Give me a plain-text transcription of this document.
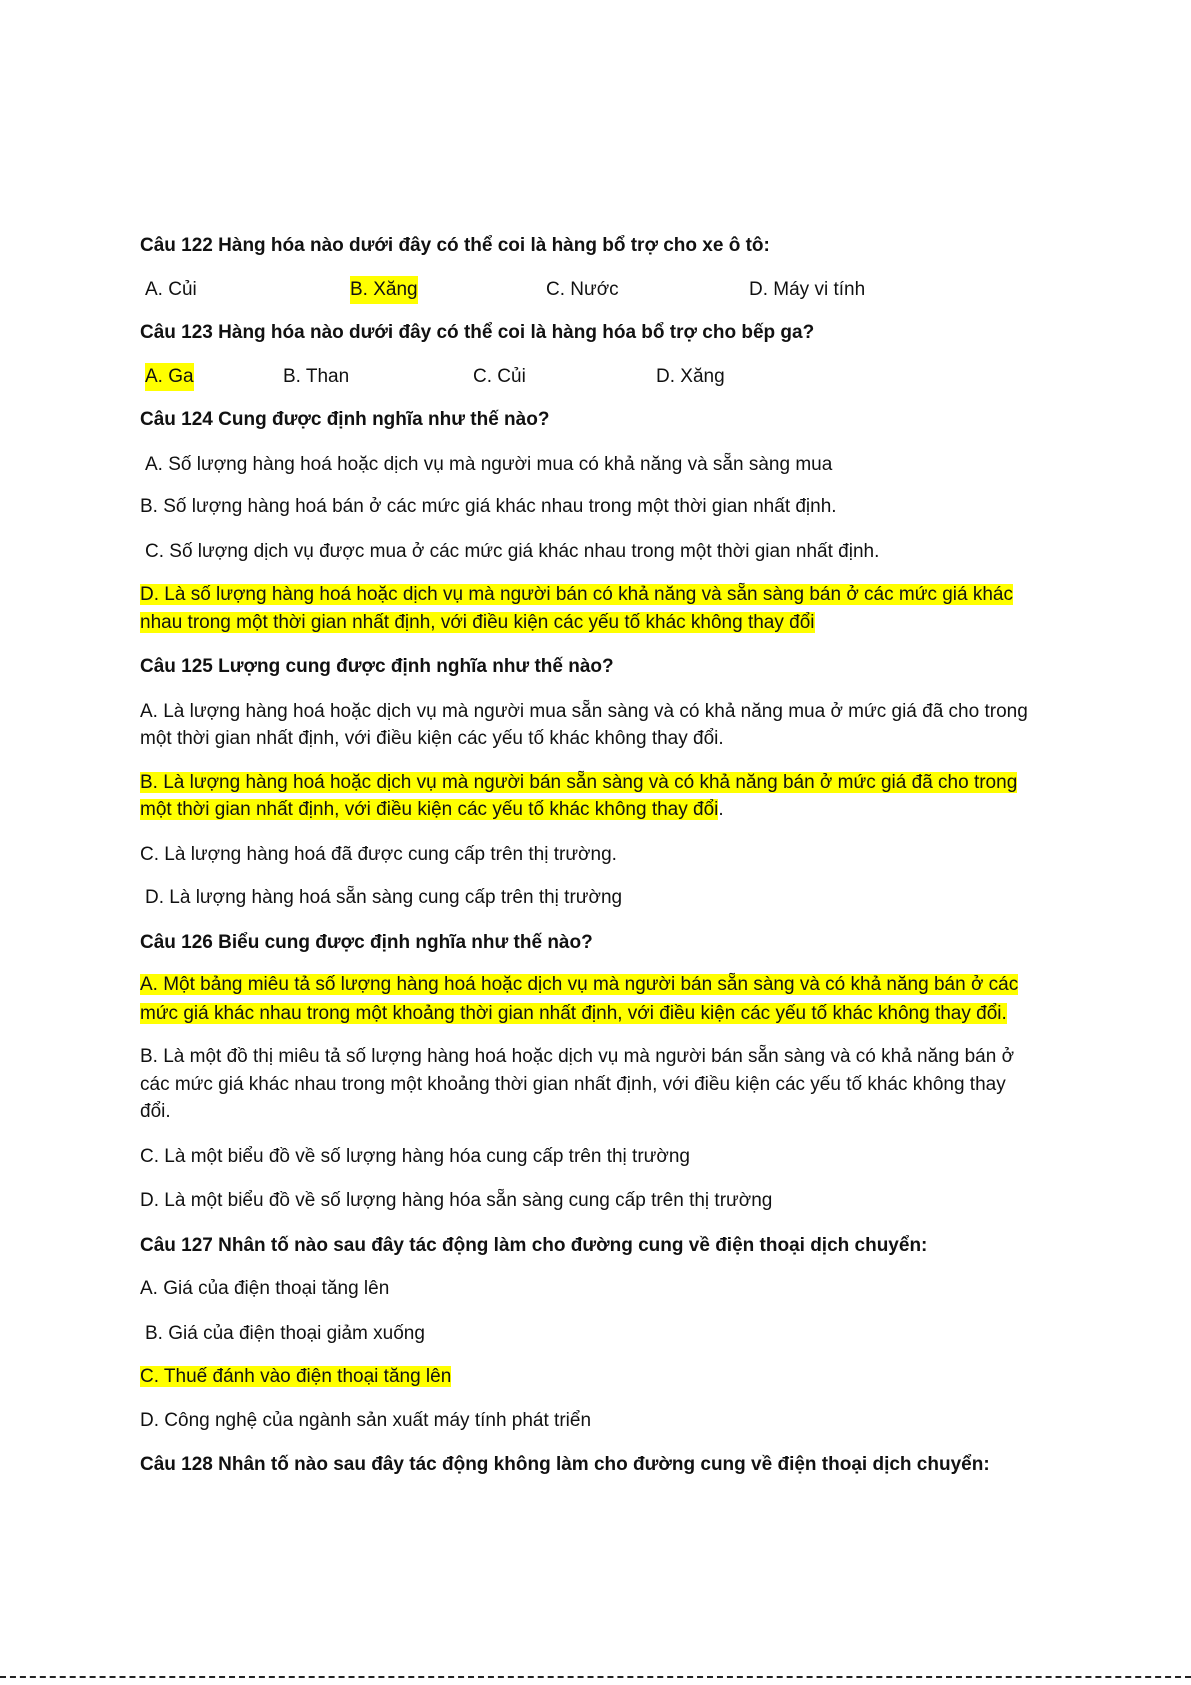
Câu 122 Hàng hóa nào dưới đây có thể coi là hàng bổ trợ cho xe ô tô:
A. Củi	B. Xăng	C. Nước	D. Máy vi tính
Câu 123 Hàng hóa nào dưới đây có thể coi là hàng hóa bổ trợ cho bếp ga?
A. Ga	B. Than	C. Củi	D. Xăng
Câu 124 Cung được định nghĩa như thế nào?
A. Số lượng hàng hoá hoặc dịch vụ mà người mua có khả năng và sẵn sàng mua
B. Số lượng hàng hoá bán ở các mức giá khác nhau trong một thời gian nhất định.
C. Số lượng dịch vụ được mua ở các mức giá khác nhau trong một thời gian nhất định.
D. Là số lượng hàng hoá hoặc dịch vụ mà người bán có khả năng và sẵn sàng bán ở các mức giá khác
nhau trong một thời gian nhất định, với điều kiện các yếu tố khác không thay đổi
Câu 125 Lượng cung được định nghĩa như thế nào?
A. Là lượng hàng hoá hoặc dịch vụ mà người mua sẵn sàng và có khả năng mua ở mức giá đã cho trong
một thời gian nhất định, với điều kiện các yếu tố khác không thay đổi.
B. Là lượng hàng hoá hoặc dịch vụ mà người bán sẵn sàng và có khả năng bán ở mức giá đã cho trong
một thời gian nhất định, với điều kiện các yếu tố khác không thay đổi.
C. Là lượng hàng hoá đã được cung cấp trên thị trường.
D. Là lượng hàng hoá sẵn sàng cung cấp trên thị trường
Câu 126 Biểu cung được định nghĩa như thế nào?
A. Một bảng miêu tả số lượng hàng hoá hoặc dịch vụ mà người bán sẵn sàng và có khả năng bán ở các
mức giá khác nhau trong một khoảng thời gian nhất định, với điều kiện các yếu tố khác không thay đổi.
B. Là một đồ thị miêu tả số lượng hàng hoá hoặc dịch vụ mà người bán sẵn sàng và có khả năng bán ở
các mức giá khác nhau trong một khoảng thời gian nhất định, với điều kiện các yếu tố khác không thay
đổi.
C. Là một biểu đồ về số lượng hàng hóa cung cấp trên thị trường
D. Là một biểu đồ về số lượng hàng hóa sẵn sàng cung cấp trên thị trường
Câu 127 Nhân tố nào sau đây tác động làm cho đường cung về điện thoại dịch chuyển:
A. Giá của điện thoại tăng lên
B. Giá của điện thoại giảm xuống
C. Thuế đánh vào điện thoại tăng lên
D. Công nghệ của ngành sản xuất máy tính phát triển
Câu 128 Nhân tố nào sau đây tác động không làm cho đường cung về điện thoại dịch chuyển:
